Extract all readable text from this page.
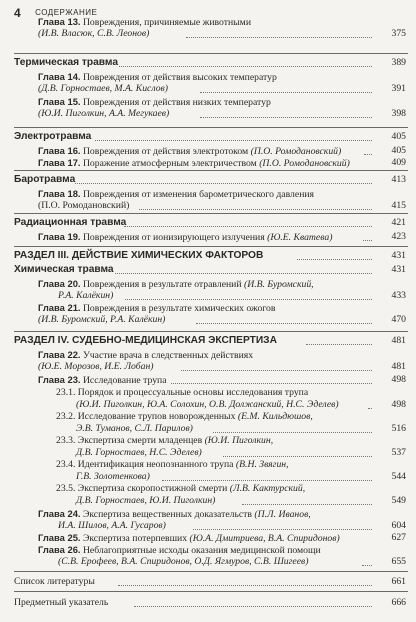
4 СОДЕРЖАНИЕ
Глава 13. Повреждения, причиняемые животными
(И.В. Власюк, С.В. Леонов)	375
Термическая травма	389
Глава 14. Повреждения от действия высоких температур
(Д.В. Горностаев, М.А. Кислов)	391
Глава 15. Повреждения от действия низких температур
(Ю.И. Пиголкин, А.А. Мегукаев)	398
Электротравма	405
Глава 16. Повреждения от действия электротоком (П.О. Ромодановский)	405
Глава 17. Поражение атмосферным электричеством (П.О. Ромодановский)	409
Баротравма	413
Глава 18. Повреждения от изменения барометрического давления
(П.О. Ромодановский)	415
Радиационная травма	421
Глава 19. Повреждения от ионизирующего излучения (Ю.Е. Кватева)	423
РАЗДЕЛ III. ДЕЙСТВИЕ ХИМИЧЕСКИХ ФАКТОРОВ	431
Химическая травма	431
Глава 20. Повреждения в результате отравлений (И.В. Буромский,
Р.А. Калёкин)	433
Глава 21. Повреждения в результате химических ожогов
(И.В. Буромский, Р.А. Калёкин)	470
РАЗДЕЛ IV. СУДЕБНО-МЕДИЦИНСКАЯ ЭКСПЕРТИЗА	481
Глава 22. Участие врача в следственных действиях
(Ю.Е. Морозов, И.Е. Лобан)	481
Глава 23. Исследование трупа	498
23.1. Порядок и процессуальные основы исследования трупа
(Ю.И. Пиголкин, Ю.А. Солохин, О.В. Должанский, Н.С. Эделев)	498
23.2. Исследование трупов новорожденных (Е.М. Кильдюшов,
Э.В. Туманов, С.Л. Парилов)	516
23.3. Экспертиза смерти младенцев (Ю.И. Пиголкин,
Д.В. Горностаев, Н.С. Эделев)	537
23.4. Идентификация неопознанного трупа (В.Н. Звягин,
Г.В. Золотенкова)	544
23.5. Экспертиза скоропостижной смерти (Л.В. Кактурский,
Д.В. Горностаев, Ю.И. Пиголкин)	549
Глава 24. Экспертиза вещественных доказательств (П.Л. Иванов,
И.А. Шилов, А.А. Гусаров)	604
Глава 25. Экспертиза потерпевших (Ю.А. Дмитриева, В.А. Спиридонов)	627
Глава 26. Неблагоприятные исходы оказания медицинской помощи
(С.В. Ерофеев, В.А. Спиридонов, О.Д. Ягмуров, С.В. Шигеев)	655
Список литературы	661
Предметный указатель	666
